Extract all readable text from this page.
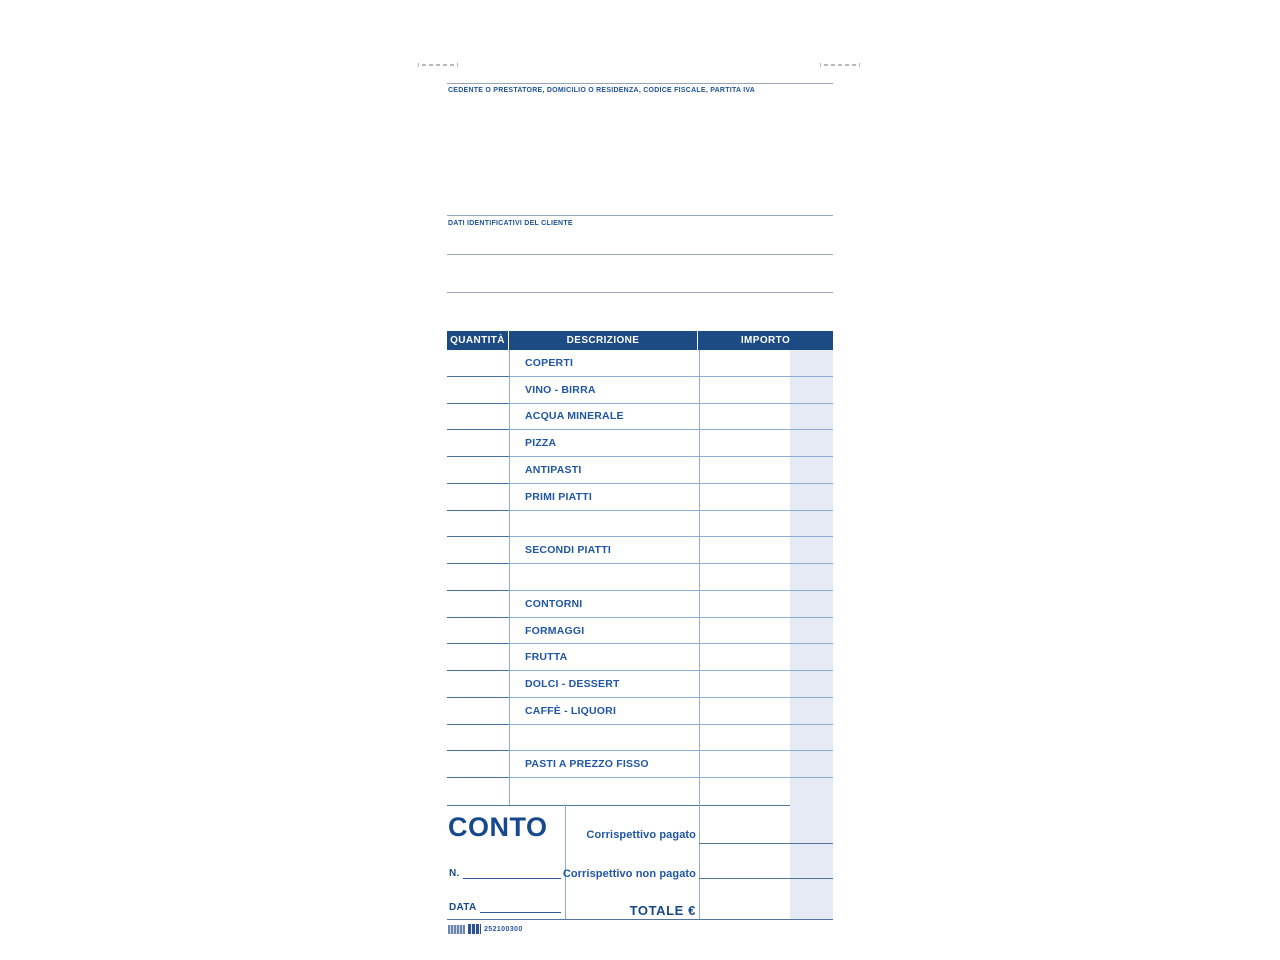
CEDENTE O PRESTATORE, DOMICILIO O RESIDENZA, CODICE FISCALE, PARTITA IVA
DATI IDENTIFICATIVI DEL CLIENTE
QUANTITÀ	DESCRIZIONE	IMPORTO
COPERTI
VINO - BIRRA
ACQUA MINERALE
PIZZA
ANTIPASTI
PRIMI PIATTI
SECONDI PIATTI
CONTORNI
FORMAGGI
FRUTTA
DOLCI - DESSERT
CAFFÈ - LIQUORI
PASTI A PREZZO FISSO
CONTO
N.
DATA
Corrispettivo pagato
Corrispettivo non pagato
TOTALE €
252100300
